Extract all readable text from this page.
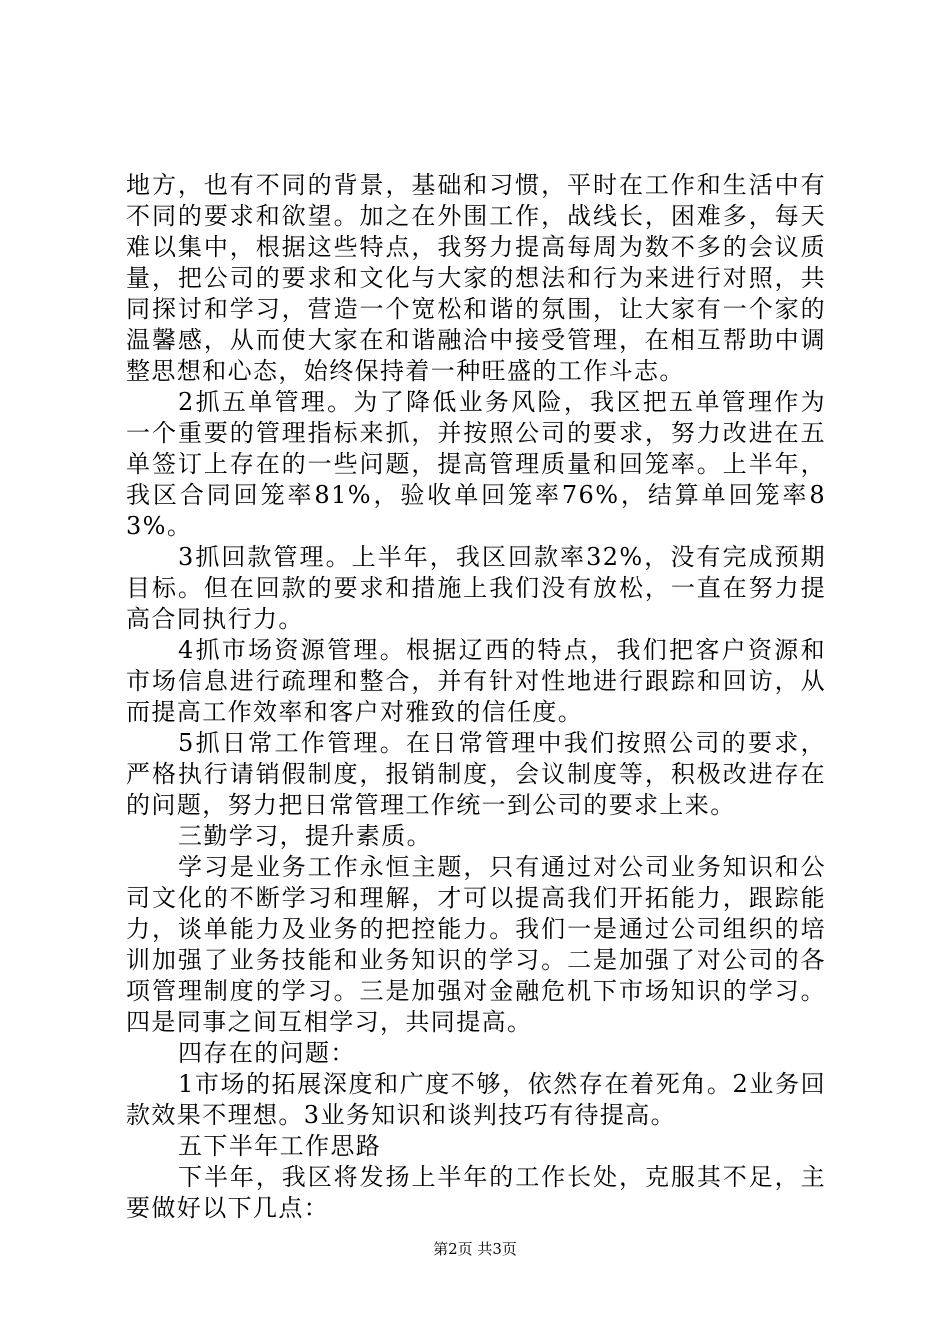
地方，也有不同的背景，基础和习惯，平时在工作和生活中有不同的要求和欲望。加之在外围工作，战线长，困难多，每天难以集中，根据这些特点，我努力提高每周为数不多的会议质量，把公司的要求和文化与大家的想法和行为来进行对照，共同探讨和学习，营造一个宽松和谐的氛围，让大家有一个家的温馨感，从而使大家在和谐融洽中接受管理，在相互帮助中调整思想和心态，始终保持着一种旺盛的工作斗志。

2抓五单管理。为了降低业务风险，我区把五单管理作为一个重要的管理指标来抓，并按照公司的要求，努力改进在五单签订上存在的一些问题，提高管理质量和回笼率。上半年，我区合同回笼率81%，验收单回笼率76%，结算单回笼率83%。

3抓回款管理。上半年，我区回款率32%，没有完成预期目标。但在回款的要求和措施上我们没有放松，一直在努力提高合同执行力。

4抓市场资源管理。根据辽西的特点，我们把客户资源和市场信息进行疏理和整合，并有针对性地进行跟踪和回访，从而提高工作效率和客户对雅致的信任度。

5抓日常工作管理。在日常管理中我们按照公司的要求，严格执行请销假制度，报销制度，会议制度等，积极改进存在的问题，努力把日常管理工作统一到公司的要求上来。

三勤学习，提升素质。

学习是业务工作永恒主题，只有通过对公司业务知识和公司文化的不断学习和理解，才可以提高我们开拓能力，跟踪能力，谈单能力及业务的把控能力。我们一是通过公司组织的培训加强了业务技能和业务知识的学习。二是加强了对公司的各项管理制度的学习。三是加强对金融危机下市场知识的学习。四是同事之间互相学习，共同提高。

四存在的问题：

1市场的拓展深度和广度不够，依然存在着死角。2业务回款效果不理想。3业务知识和谈判技巧有待提高。

五下半年工作思路

下半年，我区将发扬上半年的工作长处，克服其不足，主要做好以下几点：

第2页 共3页
